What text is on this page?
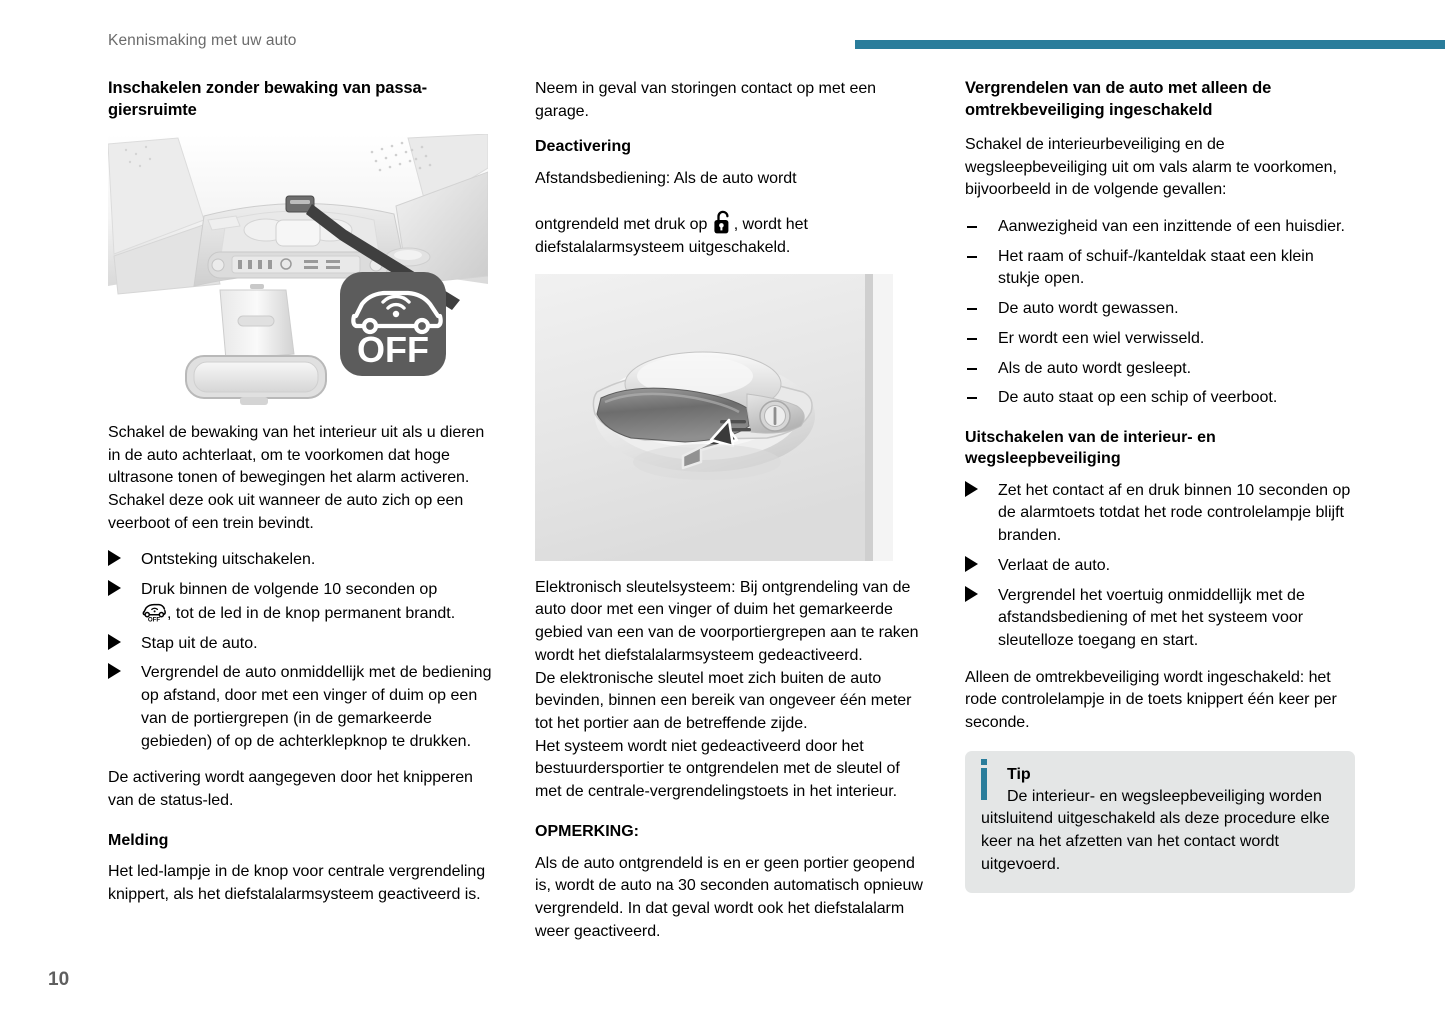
Kennismaking met uw auto
Inschakelen zonder bewaking van passa-giersruimte
OFF

Schakel de bewaking van het interieur uit als u dieren in de auto achterlaat, om te voorkomen dat hoge ultrasone tonen of bewegingen het alarm activeren. Schakel deze ook uit wanneer de auto zich op een veerboot of een trein bevindt.

Ontsteking uitschakelen.
Druk binnen de volgende 10 seconden op

OFF , tot de led in de knop permanent brandt.
Stap uit de auto.
Vergrendel de auto onmiddellijk met de bediening op afstand, door met een vinger of duim op een van de portiergrepen (in de gemarkeerde gebieden) of op de achterklepknop te drukken.

De activering wordt aangegeven door het knipperen van de status-led.

Melding

Het led-lampje in de knop voor centrale vergrendeling knippert, als het diefstalalarmsysteem geactiveerd is.

Neem in geval van storingen contact op met een garage.

Deactivering

Afstandsbediening: Als de auto wordt

ontgrendeld met druk op , wordt het diefstalalarmsysteem uitgeschakeld.

Elektronisch sleutelsysteem: Bij ontgrendeling van de auto door met een vinger of duim het gemarkeerde gebied van een van de voorportiergrepen aan te raken wordt het diefstalalarmsysteem gedeactiveerd.

De elektronische sleutel moet zich buiten de auto bevinden, binnen een bereik van ongeveer één meter tot het portier aan de betreffende zijde.

Het systeem wordt niet gedeactiveerd door het bestuurdersportier te ontgrendelen met de sleutel of met de centrale-vergrendelingstoets in het interieur.

OPMERKING:

Als de auto ontgrendeld is en er geen portier geopend is, wordt de auto na 30 seconden automatisch opnieuw vergrendeld. In dat geval wordt ook het diefstalalarm weer geactiveerd.

Vergrendelen van de auto met alleen de omtrekbeveiliging ingeschakeld

Schakel de interieurbeveiliging en de wegsleepbeveiliging uit om vals alarm te voorkomen, bijvoorbeeld in de volgende gevallen:

Aanwezigheid van een inzittende of een huisdier.
Het raam of schuif-/kanteldak staat een klein stukje open.
De auto wordt gewassen.
Er wordt een wiel verwisseld.
Als de auto wordt gesleept.
De auto staat op een schip of veerboot.
Uitschakelen van de interieur- en wegsleepbeveiliging
Zet het contact af en druk binnen 10 seconden op de alarmtoets totdat het rode controlelampje blijft branden.
Verlaat de auto.
Vergrendel het voertuig onmiddellijk met de afstandsbediening of met het systeem voor sleutelloze toegang en start.

Alleen de omtrekbeveiliging wordt ingeschakeld: het rode controlelampje in de toets knippert één keer per seconde.

Tip

De interieur- en wegsleepbeveiliging worden uitsluitend uitgeschakeld als deze procedure elke keer na het afzetten van het contact wordt uitgevoerd.

10
